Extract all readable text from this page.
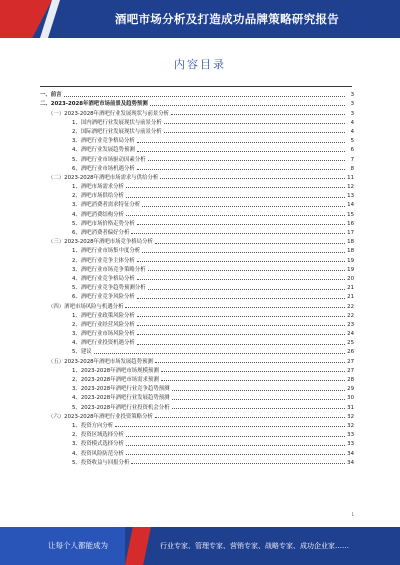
酒吧市场分析及打造成功品牌策略研究报告
内容目录
一、前言	3
二、2023-2028年酒吧市场前景及趋势预测	3
（一）2023-2028年酒吧行业发展现状与前景分析	3
1、国内酒吧行业发展现状与前景分析	4
2、国际酒吧行业发展现状与前景分析	4
3、酒吧行业竞争格局分析	5
4、酒吧行业发展趋势预测	6
5、酒吧行业市场驱动因素分析	7
6、酒吧行业市场机遇分析	8
（二）2023-2028年酒吧市场需求与供给分析	11
1、酒吧市场需求分析	12
2、酒吧市场供给分析	13
3、酒吧消费者需求特征分析	14
4、酒吧消费结构分析	15
5、酒吧市场价格走势分析	16
6、酒吧消费者偏好分析	17
（三）2023-2028年酒吧市场竞争格局分析	18
1、酒吧行业市场集中度分析	18
2、酒吧行业竞争主体分析	19
3、酒吧行业市场竞争策略分析	19
4、酒吧行业竞争格局分析	20
5、酒吧行业竞争趋势预测分析	21
6、酒吧行业竞争风险分析	21
（四）酒吧市场风险与机遇分析	22
1、酒吧行业政策风险分析	22
2、酒吧行业经营风险分析	23
3、酒吧行业市场风险分析	24
4、酒吧行业投资机遇分析	25
5、建议	26
（五）2023-2028年酒吧市场发展趋势预测	27
1、2023-2028年酒吧市场规模预测	27
2、2023-2028年酒吧市场需求预测	28
3、2023-2028年酒吧行业竞争趋势预测	29
4、2023-2028年酒吧行业发展趋势预测	30
5、2023-2028年酒吧行业投资机会分析	31
（六）2023-2028年酒吧行业投资策略分析	32
1、投资方向分析	32
2、投资区域选择分析	33
3、投资模式选择分析	33
4、投资风险防范分析	34
5、投资收益与回报分析	34
1
让每个人都能成为	行业专家、管理专家、营销专家、战略专家、成功企业家……
